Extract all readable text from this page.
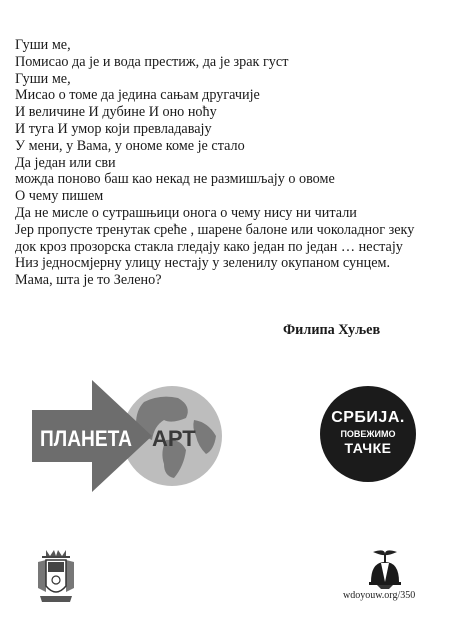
Гуши ме,
Помисао да је и вода престиж, да је зрак густ
Гуши ме,
Мисао о томе да јединa сањам другачије
И величине И дубине И оно ноћу
И туга И умор који превладавају
У мени, у Вама, у ономе коме је стало
Да један или сви
можда поново баш као некад не размишљају о овоме
О чему пишем
Да не мисле о сутрашњици онога о чему нису ни читали
Јер пропусте тренутак среће , шарене балоне или чоколадног зеку
док кроз прозорска стакла гледају како један по један … нестају
Низ једносмјерну улицу нестају у зеленилу окупаном сунцем.
Мама, шта је то Зелено?
Филипа Хуљев
ПЛАНЕТА АРТ
СРБИЈА.
ПОВЕЖИМО
ТАЧКЕ
wdoyouw.org/350
